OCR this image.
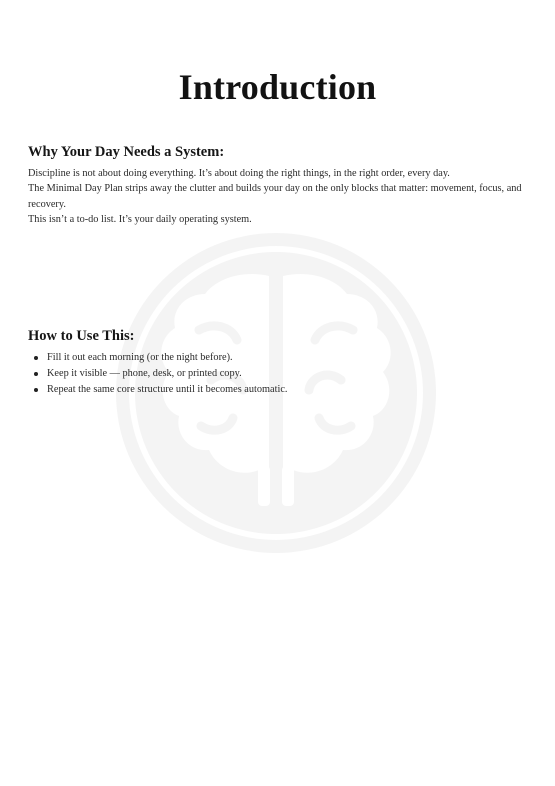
Introduction
Why Your Day Needs a System:

Discipline is not about doing everything. It’s about doing the right things, in the right order, every day.

The Minimal Day Plan strips away the clutter and builds your day on the only blocks that matter: movement, focus, and recovery.

This isn’t a to-do list. It’s your daily operating system.

How to Use This:
Fill it out each morning (or the night before).
Keep it visible — phone, desk, or printed copy.
Repeat the same core structure until it becomes automatic.
